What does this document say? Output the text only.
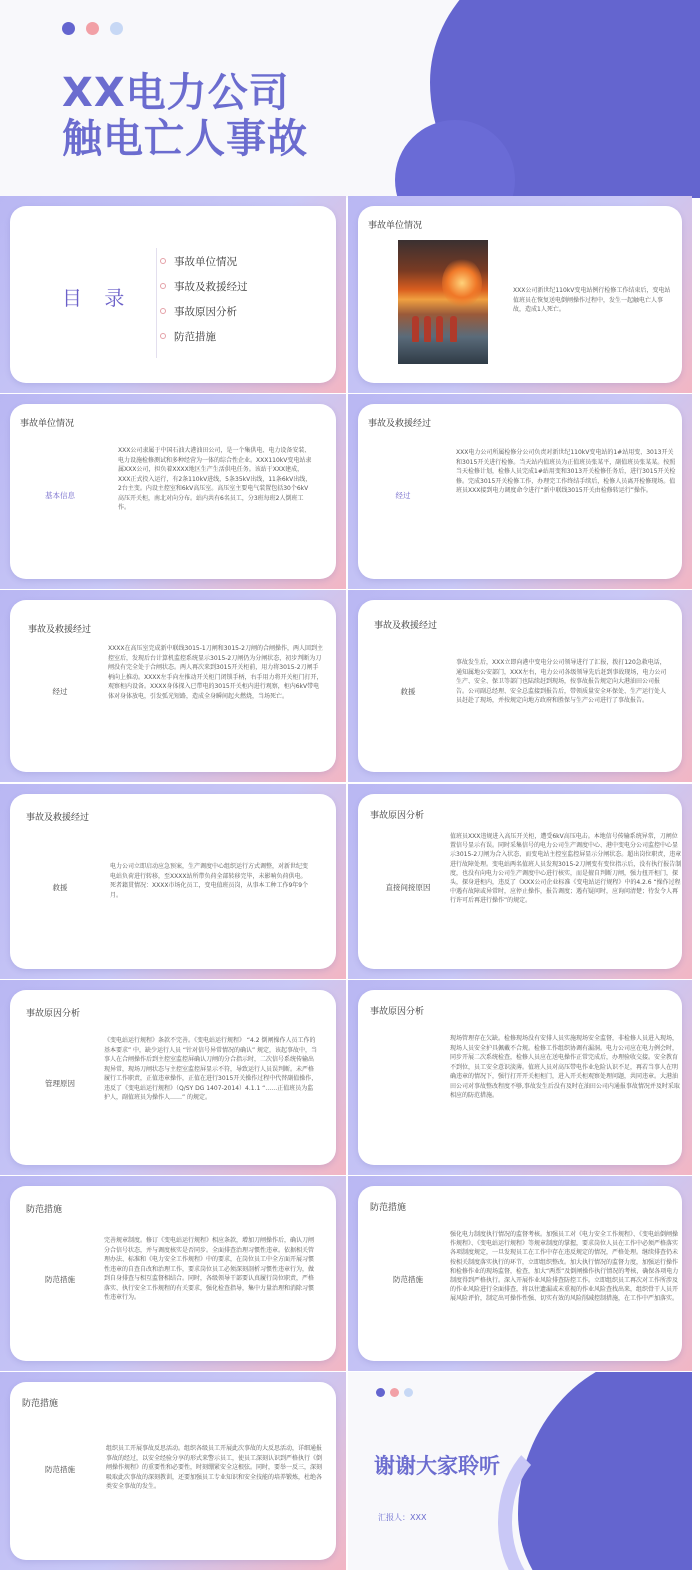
XX电力公司
触电亡人事故
目 录
事故单位情况
事故及救援经过
事故原因分析
防范措施
事故单位情况
XXX公司新世纪110kV变电站例行检修工作结束后，变电站值班员在恢复送电倒闸操作过程中，发生一起触电亡人事故，造成1人死亡。
事故单位情况
基本信息
XXX公司隶属于中国石油大港油田公司，是一个集供电、电力设备安装、电力设施检修测试和多种经营为一体的综合性企业。XXX110kV变电站隶属XXX公司，担负着XXXX地区生产生活供电任务。该站于XXX建成，XXX正式投入运行，有2条110kV进线，5条35kV出线，11条6kV出线，2台主变。内设主控室和6kV高压室。高压室主要电气装置包括30个6kV高压开关柜，南北对向分布。站内共有6名员工，分3班每班2人倒班工作。
事故及救援经过
经过
XXX电力公司所属检修分公司负责对新世纪110kV变电站的1#站用变、3013开关和3015开关进行检修。当天站内值班员为正值班员张某平，副值班员张某某。按照当天检修计划，检修人员完成1#站用变和3013开关检修任务后，进行3015开关检修。完成3015开关检修工作，办理完工作终结手续后，检修人员离开检修现场。值班员XXX接到电力调度命令进行“新中联线3015开关由检修转运行”操作。
事故及救援经过
经过
XXXX在高压室完成新中联线3015-1刀闸和3015-2刀闸的合闸操作，两人回到主控室后，发现后台计算机监控系统显示3015-2刀闸仍为分闸状态，初步判断为刀闸没有完全处于合闸状态。两人再次来到3015开关柜前，用力将3015-2刀闸手柄向上推动。XXXX左手向左推动开关柜门闭锁手柄，右手用力将开关柜门打开，观察柜内设备。XXXX身体探入已带电的3015开关柜内进行观察，柜内6kV带电体对身体放电，引发弧光短路，造成全身瞬间起火燃烧，当场死亡。
事故及救援经过
救援
事故发生后，XXX立即向港中变电分公司领导进行了汇报，拨打120急救电话，通知属地公安部门，XXX左右，电力公司各级领导先后赶到事故现场，电力公司生产、安全、保卫等部门也陆续赶到现场，按事故报告规定向大港油田公司报告。公司副总经理、安全总监接到报告后，带领质量安全环保处、生产运行处人员赶赴了现场，并按规定向地方政府和胜保与生产公司进行了事故报告。
事故及救援经过
救援
电力公司立即启动应急预案，生产调度中心组织运行方式调整，对新世纪变电站负荷进行转移，至XXXX站所带负荷全部转移完毕，未影响负荷供电。死者籍贯情况：XXXX市场化员工，变电值班员岗，从事本工种工作9年9个月。
事故原因分析
直接间接原因
值班员XXX违规进入高压开关柜，遭受6kV高压电击。本地信号传输系统异常，刀闸位置信号显示有误。同时采集信号的电力公司生产调度中心、港中变电分公司监控中心显示3015-2刀闸为合入状态，而变电站主控室监控屏显示分闸状态。超出岗位职责，违章进行故障处理。变电站两名值班人员发现3015-2刀闸变有变位指示后，没有执行报告制度，也没有向电力公司生产调度中心进行核实，而是擅自判断刀闸，强力扭开柜门，探头，探身进柜内，违反了《XXX公司企业标准《变电站运行规程》中的4.2.6 “操作过程中遇有故障或异常时，应停止操作，报告调度；遇有疑问时，应询问清楚；待发令人再行许可后再进行操作”的规定。
事故原因分析
管理原因
《变电站运行规程》条款不完善。《变电站运行规程》 “4.2 倒闸操作人员工作的基本要求” 中，缺少运行人员 “针对信号异常情况的确认” 规定，该起事故中，当事人在合闸操作后到主控室监控屏确认刀闸的分合指示时，二次信号系统传输出现异常，现场刀闸状态与主控室监控屏显示不符，导致运行人员误判断。未严格履行工作职责，正值违章操作，正值在进行3015开关操作过程中代替副值操作，违反了《变电站运行规程》（Q/SY DG 1407-2014）4.1.1 “……正值班员为监护人，副值班员为操作人……” 的规定。
事故原因分析
现场管理存在欠缺。检修现场没有安排人员实施现场安全监督，非检修人员进入现场，现场人员安全护具佩戴不合规。检修工作组织协调有漏洞。电力公司应在电力例会时，同步开展二次系统检查，检修人员应在送电操作正常完成后，办理验收交接。安全教育不到位，员工安全意识淡薄。值班人员对高压带电作业危险认识不足，再若当事人在明确违章的情况下，强行打开开关柜柜门，进入开关柜观察处理问题，共同违章。大港油田公司对事故整改程度不够,事故发生后没有及时在油田公司内通报事故情况并及时采取相应的防范措施。
防范措施
防范措施
完善规章制度。修订《变电站运行规程》相应条款，增加刀闸操作后，确认刀闸分合信号状态，并与调度核实是否同步。全面排查治理习惯性违章。依据相关管理办法、标准和《电力安全工作规程》中的要求，在岗位员工中全方面开展习惯性违章的自查自改和治理工作，要求岗位员工必须深刻剖析习惯性违章行为，做到自身排查与相互监督相结合。同时，各级领导干部要认真履行岗位职责，严格落实、执行安全工作规程的有关要求，强化检查指导，集中力量治理和消除习惯性违章行为。
防范措施
防范措施
强化电力制度执行情况的监督考核。加强员工对《电力安全工作规程》、《变电站倒闸操作规程》、《变电站运行规程》等规章制度的掌握，要求岗位人员在工作中必须严格落实各项制度规定，一旦发现员工在工作中存在违反规定的情况，严格处理。继续排查仍未按相关制度落实执行的环节，立即组织整改。加大执行情况的监督力度，加强运行操作和检修作业的现场监督，检查，加大“两票”及倒闸操作执行情况的考核，确保各项电力制度得到严格执行。深入开展作业风险排查防控工作。立即组织员工再次对工作所涉及的作业风险进行全面排查，将以往遗漏或未重视的作业风险查找出来，组织骨干人员开展风险评价，制定出可操作性强、切实有效的风险削减控制措施，在工作中严加落实。
防范措施
防范措施
组织员工开展事故反思活动。组织各级员工开展此次事故的大反思活动，详细通报事故的经过，以安全经验分享的形式来警示员工，使员工深刻认识到严格执行《倒闸操作规程》的重要性和必要性，时刻绷紧安全这根弦。同时，要举一反三，深刻吸取此次事故的深刻教训，还要加强员工专业知识和安全技能的培养锻炼，杜绝各类安全事故的发生。
谢谢大家聆听
汇报人：XXX
